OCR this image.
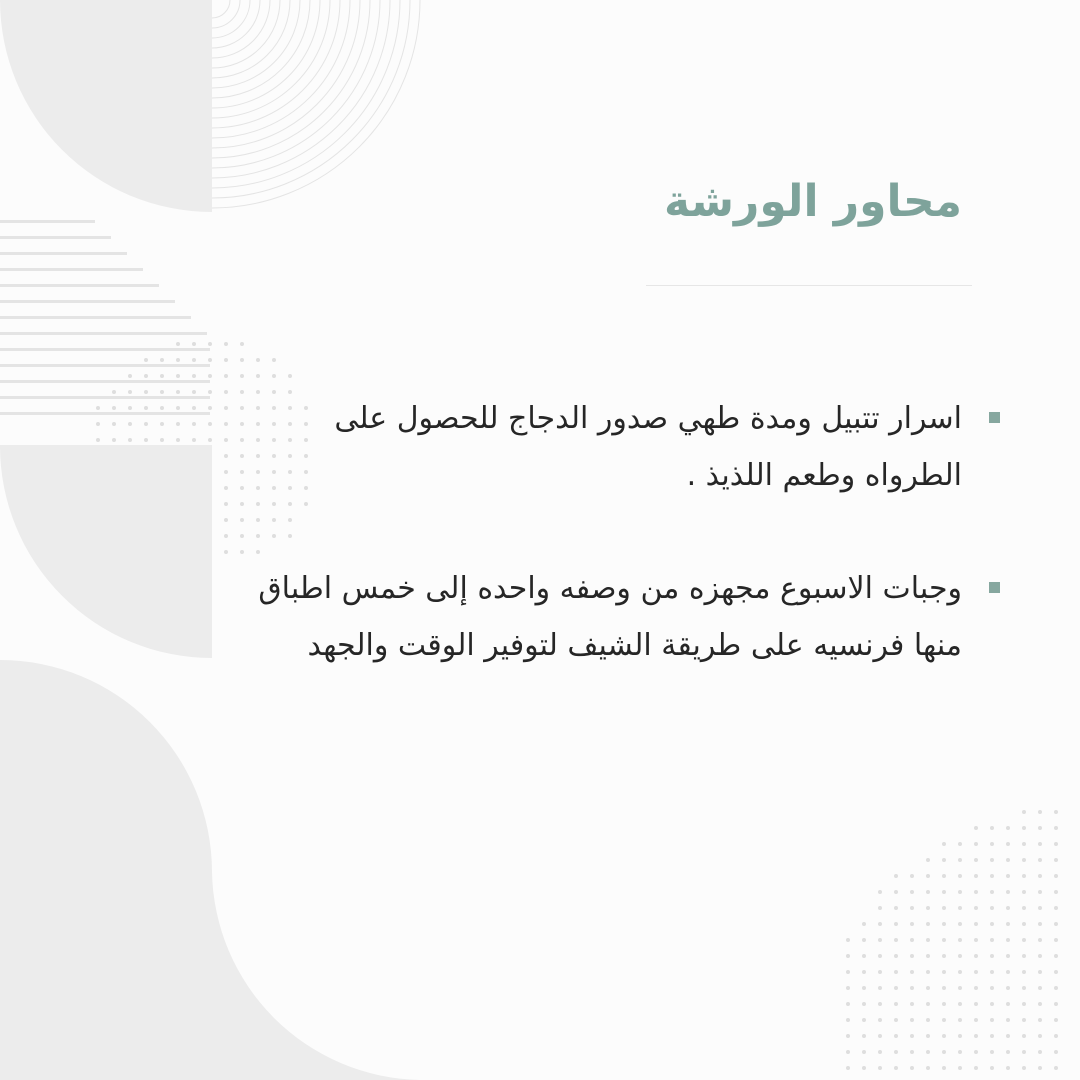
محاور الورشة
اسرار تتبيل ومدة طهي صدور الدجاج للحصول على الطرواه وطعم اللذيذ .
وجبات الاسبوع مجهزه من وصفه واحده إلى خمس اطباق منها فرنسيه على طريقة الشيف لتوفير الوقت والجهد
